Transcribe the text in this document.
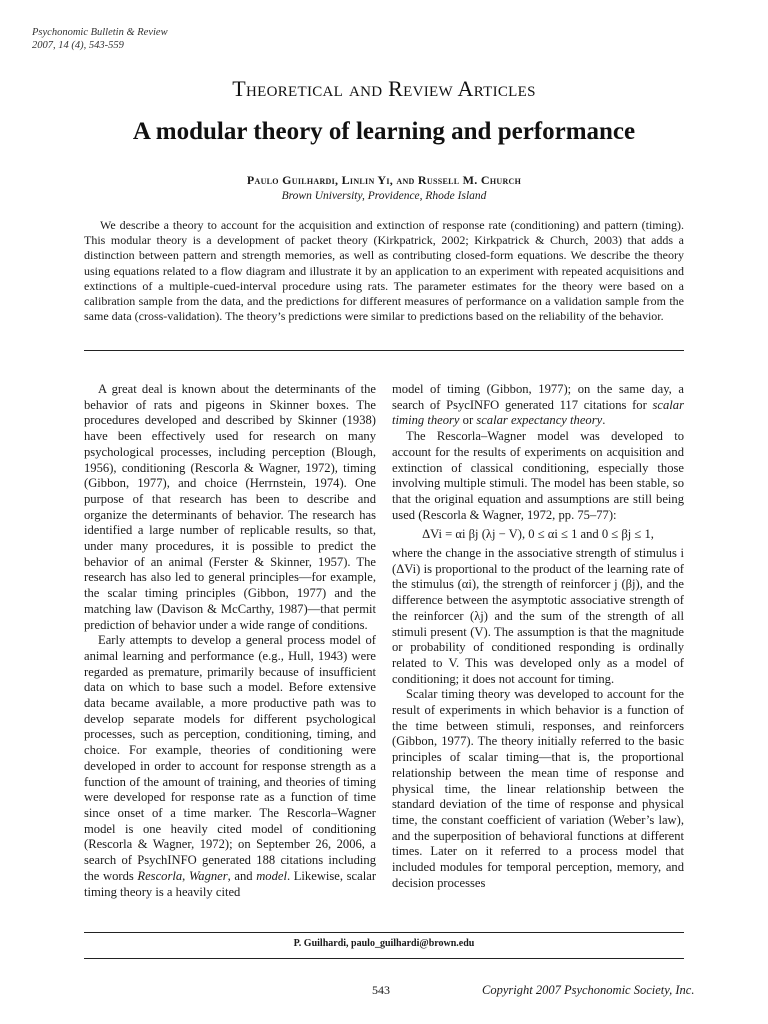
Psychonomic Bulletin & Review
2007, 14 (4), 543-559
Theoretical and Review Articles
A modular theory of learning and performance
Paulo Guilhardi, Linlin Yi, and Russell M. Church
Brown University, Providence, Rhode Island
We describe a theory to account for the acquisition and extinction of response rate (conditioning) and pattern (timing). This modular theory is a development of packet theory (Kirkpatrick, 2002; Kirkpatrick & Church, 2003) that adds a distinction between pattern and strength memories, as well as contributing closed-form equations. We describe the theory using equations related to a flow diagram and illustrate it by an application to an experiment with repeated acquisitions and extinctions of a multiple-cued-interval procedure using rats. The parameter estimates for the theory were based on a calibration sample from the data, and the predictions for different measures of performance on a validation sample from the same data (cross-validation). The theory’s predictions were similar to predictions based on the reliability of the behavior.

A great deal is known about the determinants of the behavior of rats and pigeons in Skinner boxes. The procedures developed and described by Skinner (1938) have been effectively used for research on many psychological processes, including perception (Blough, 1956), conditioning (Rescorla & Wagner, 1972), timing (Gibbon, 1977), and choice (Herrnstein, 1974). One purpose of that research has been to describe and organize the determinants of behavior. The research has identified a large number of replicable results, so that, under many procedures, it is possible to predict the behavior of an animal (Ferster & Skinner, 1957). The research has also led to general principles—for example, the scalar timing principles (Gibbon, 1977) and the matching law (Davison & McCarthy, 1987)—that permit prediction of behavior under a wide range of conditions.

Early attempts to develop a general process model of animal learning and performance (e.g., Hull, 1943) were regarded as premature, primarily because of insufficient data on which to base such a model. Before extensive data became available, a more productive path was to develop separate models for different psychological processes, such as perception, conditioning, timing, and choice. For example, theories of conditioning were developed in order to account for response strength as a function of the amount of training, and theories of timing were developed for response rate as a function of time since onset of a time marker. The Rescorla–Wagner model is one heavily cited model of conditioning (Rescorla & Wagner, 1972); on September 26, 2006, a search of PsychINFO generated 188 citations including the words Rescorla, Wagner, and model. Likewise, scalar timing theory is a heavily cited

model of timing (Gibbon, 1977); on the same day, a search of PsycINFO generated 117 citations for scalar timing theory or scalar expectancy theory.

The Rescorla–Wagner model was developed to account for the results of experiments on acquisition and extinction of classical conditioning, especially those involving multiple stimuli. The model has been stable, so that the original equation and assumptions are still being used (Rescorla & Wagner, 1972, pp. 75–77):

ΔVi = αi βj (λj − V), 0 ≤ αi ≤ 1 and 0 ≤ βj ≤ 1,

where the change in the associative strength of stimulus i (ΔVi) is proportional to the product of the learning rate of the stimulus (αi), the strength of reinforcer j (βj), and the difference between the asymptotic associative strength of the reinforcer (λj) and the sum of the strength of all stimuli present (V). The assumption is that the magnitude or probability of conditioned responding is ordinally related to V. This was developed only as a model of conditioning; it does not account for timing.

Scalar timing theory was developed to account for the result of experiments in which behavior is a function of the time between stimuli, responses, and reinforcers (Gibbon, 1977). The theory initially referred to the basic principles of scalar timing—that is, the proportional relationship between the mean time of response and physical time, the linear relationship between the standard deviation of the time of response and physical time, the constant coefficient of variation (Weber’s law), and the superposition of behavioral functions at different times. Later on it referred to a process model that included modules for temporal perception, memory, and decision processes

P. Guilhardi, paulo_guilhardi@brown.edu
543	Copyright 2007 Psychonomic Society, Inc.
